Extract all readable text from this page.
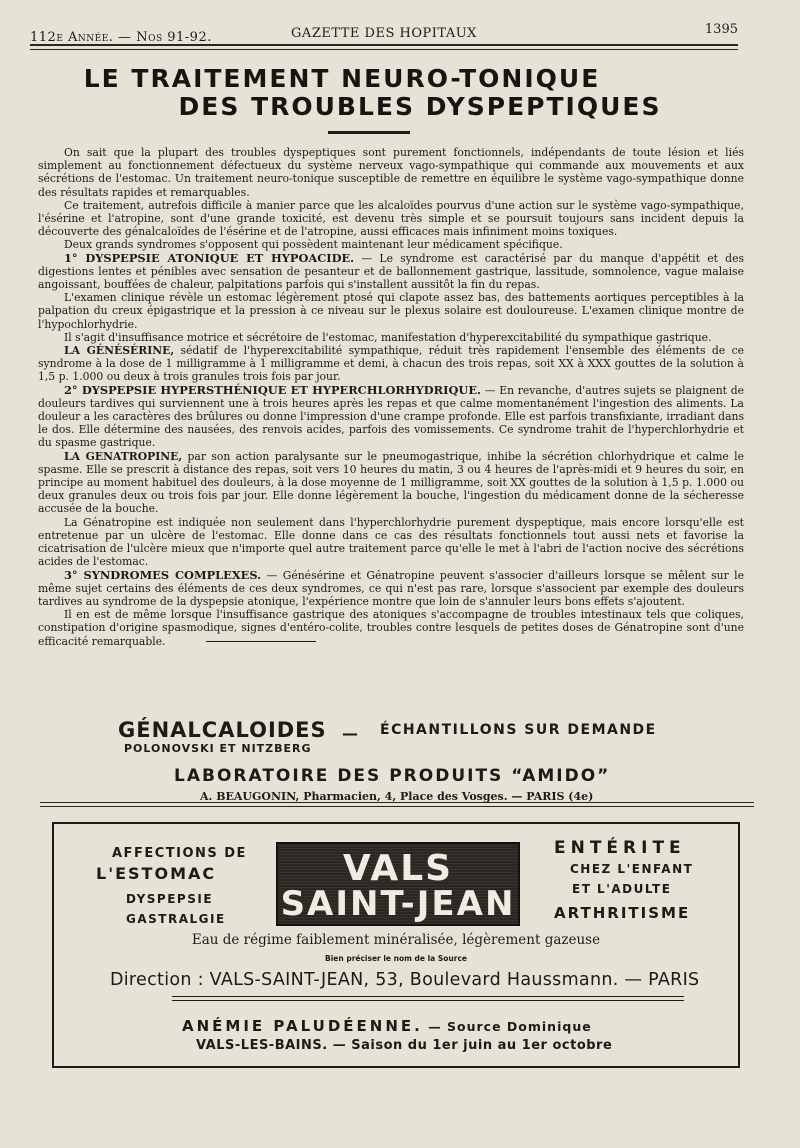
112e Année. — Nos 91-92.	GAZETTE DES HOPITAUX	1395
LE TRAITEMENT NEURO-TONIQUE
DES TROUBLES DYSPEPTIQUES

On sait que la plupart des troubles dyspeptiques sont purement fonctionnels, indépendants de toute lésion et liés simplement au fonctionnement défectueux du système nerveux vago-sympathique qui commande aux mouvements et aux sécrétions de l'estomac. Un traitement neuro-tonique susceptible de remettre en équilibre le système vago-sympathique donne des résultats rapides et remarquables.

Ce traitement, autrefois difficile à manier parce que les alcaloïdes pourvus d'une action sur le système vago-sympathique, l'ésérine et l'atropine, sont d'une grande toxicité, est devenu très simple et se poursuit toujours sans incident depuis la découverte des génalcaloïdes de l'ésérine et de l'atropine, aussi efficaces mais infiniment moins toxiques.

Deux grands syndromes s'opposent qui possèdent maintenant leur médicament spécifique.

1° DYSPEPSIE ATONIQUE ET HYPOACIDE. — Le syndrome est caractérisé par du manque d'appétit et des digestions lentes et pénibles avec sensation de pesanteur et de ballonnement gastrique, lassitude, somnolence, vague malaise angoissant, bouffées de chaleur, palpitations parfois qui s'installent aussitôt la fin du repas.

L'examen clinique révèle un estomac légèrement ptosé qui clapote assez bas, des battements aortiques perceptibles à la palpation du creux épigastrique et la pression à ce niveau sur le plexus solaire est douloureuse. L'examen clinique montre de l'hypochlorhydrie.

Il s'agit d'insuffisance motrice et sécrétoire de l'estomac, manifestation d'hyperexcitabilité du sympathique gastrique.

LA GÉNÉSÉRINE, sédatif de l'hyperexcitabilité sympathique, réduit très rapidement l'ensemble des éléments de ce syndrome à la dose de 1 milligramme à 1 milligramme et demi, à chacun des trois repas, soit XX à XXX gouttes de la solution à 1,5 p. 1.000 ou deux à trois granules trois fois par jour.

2° DYSPEPSIE HYPERSTHÉNIQUE ET HYPERCHLORHYDRIQUE. — En revanche, d'autres sujets se plaignent de douleurs tardives qui surviennent une à trois heures après les repas et que calme momentanément l'ingestion des aliments. La douleur a les caractères des brûlures ou donne l'impression d'une crampe profonde. Elle est parfois transfixiante, irradiant dans le dos. Elle détermine des nausées, des renvois acides, parfois des vomissements. Ce syndrome trahit de l'hyperchlorhydrie et du spasme gastrique.

LA GENATROPINE, par son action paralysante sur le pneumogastrique, inhibe la sécrétion chlorhydrique et calme le spasme. Elle se prescrit à distance des repas, soit vers 10 heures du matin, 3 ou 4 heures de l'après-midi et 9 heures du soir, en principe au moment habituel des douleurs, à la dose moyenne de 1 milligramme, soit XX gouttes de la solution à 1,5 p. 1.000 ou deux granules deux ou trois fois par jour. Elle donne légèrement la bouche, l'ingestion du médicament donne de la sécheresse accusée de la bouche.

La Génatropine est indiquée non seulement dans l'hyperchlorhydrie purement dyspeptique, mais encore lorsqu'elle est entretenue par un ulcère de l'estomac. Elle donne dans ce cas des résultats fonctionnels tout aussi nets et favorise la cicatrisation de l'ulcère mieux que n'importe quel autre traitement parce qu'elle le met à l'abri de l'action nocive des sécrétions acides de l'estomac.

3° SYNDROMES COMPLEXES. — Génésérine et Génatropine peuvent s'associer d'ailleurs lorsque se mêlent sur le même sujet certains des éléments de ces deux syndromes, ce qui n'est pas rare, lorsque s'associent par exemple des douleurs tardives au syndrome de la dyspepsie atonique, l'expérience montre que loin de s'annuler leurs bons effets s'ajoutent.

Il en est de même lorsque l'insuffisance gastrique des atoniques s'accompagne de troubles intestinaux tels que coliques, constipation d'origine spasmodique, signes d'entéro-colite, troubles contre lesquels de petites doses de Génatropine sont d'une efficacité remarquable.

GÉNALCALOIDES — ÉCHANTILLONS SUR DEMANDE
POLONOVSKI ET NITZBERG
LABORATOIRE DES PRODUITS “AMIDO”
A. BEAUGONIN, Pharmacien, 4, Place des Vosges. — PARIS (4e)
AFFECTIONS DE
L'ESTOMAC
DYSPEPSIE
GASTRALGIE
VALS
SAINT-JEAN
ENTÉRITE
CHEZ L'ENFANT
ET L'ADULTE
ARTHRITISME
Eau de régime faiblement minéralisée, légèrement gazeuse
Bien préciser le nom de la Source
Direction : VALS-SAINT-JEAN, 53, Boulevard Haussmann. — PARIS
ANÉMIE PALUDÉENNE. — Source Dominique
VALS-LES-BAINS. — Saison du 1er juin au 1er octobre
